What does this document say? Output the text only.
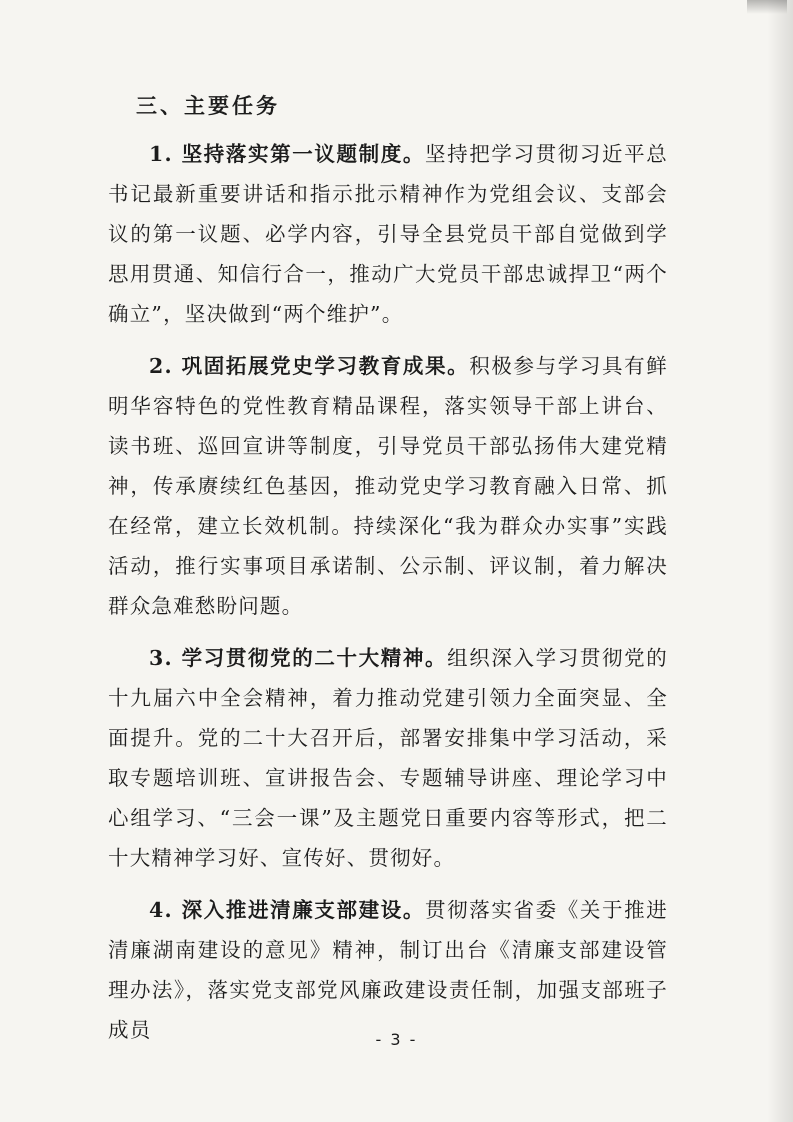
三、主要任务

1. 坚持落实第一议题制度。坚持把学习贯彻习近平总书记最新重要讲话和指示批示精神作为党组会议、支部会议的第一议题、必学内容，引导全县党员干部自觉做到学思用贯通、知信行合一，推动广大党员干部忠诚捍卫“两个确立”，坚决做到“两个维护”。

2. 巩固拓展党史学习教育成果。积极参与学习具有鲜明华容特色的党性教育精品课程，落实领导干部上讲台、读书班、巡回宣讲等制度，引导党员干部弘扬伟大建党精神，传承赓续红色基因，推动党史学习教育融入日常、抓在经常，建立长效机制。持续深化“我为群众办实事”实践活动，推行实事项目承诺制、公示制、评议制，着力解决群众急难愁盼问题。

3. 学习贯彻党的二十大精神。组织深入学习贯彻党的十九届六中全会精神，着力推动党建引领力全面突显、全面提升。党的二十大召开后，部署安排集中学习活动，采取专题培训班、宣讲报告会、专题辅导讲座、理论学习中心组学习、“三会一课”及主题党日重要内容等形式，把二十大精神学习好、宣传好、贯彻好。

4. 深入推进清廉支部建设。贯彻落实省委《关于推进清廉湖南建设的意见》精神，制订出台《清廉支部建设管理办法》，落实党支部党风廉政建设责任制，加强支部班子成员	- 3 -
